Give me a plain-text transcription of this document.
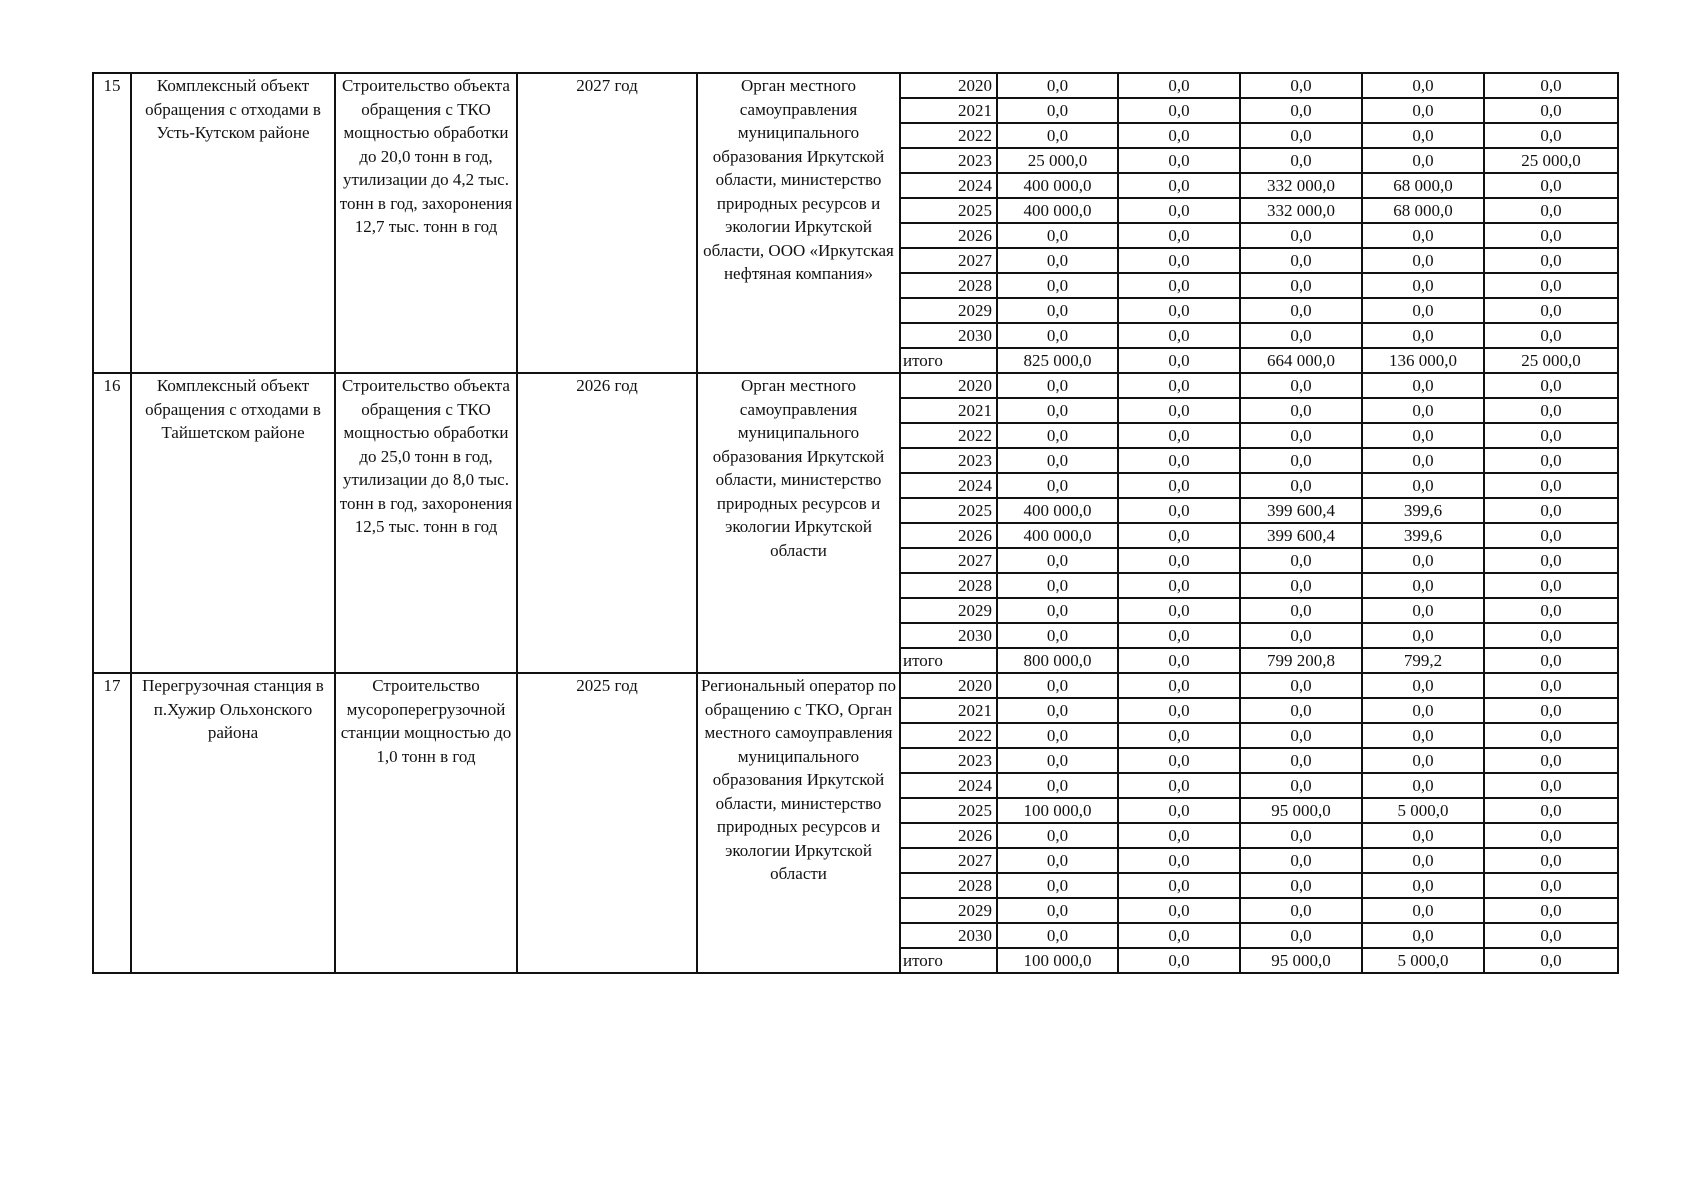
15	Комплексный объект обращения с отходами в Усть-Кутском районе	Строительство объекта обращения с ТКО мощностью обработки до 20,0 тонн в год, утилизации до 4,2 тыс. тонн в год, захоронения 12,7 тыс. тонн в год	2027 год	Орган местного самоуправления муниципального образования Иркутской области, министерство природных ресурсов и экологии Иркутской области, ООО «Иркутская нефтяная компания»	2020	0,0	0,0	0,0	0,0	0,0
					2021	0,0	0,0	0,0	0,0	0,0
					2022	0,0	0,0	0,0	0,0	0,0
					2023	25 000,0	0,0	0,0	0,0	25 000,0
					2024	400 000,0	0,0	332 000,0	68 000,0	0,0
					2025	400 000,0	0,0	332 000,0	68 000,0	0,0
					2026	0,0	0,0	0,0	0,0	0,0
					2027	0,0	0,0	0,0	0,0	0,0
					2028	0,0	0,0	0,0	0,0	0,0
					2029	0,0	0,0	0,0	0,0	0,0
					2030	0,0	0,0	0,0	0,0	0,0
					итого	825 000,0	0,0	664 000,0	136 000,0	25 000,0
16	Комплексный объект обращения с отходами в Тайшетском районе	Строительство объекта обращения с ТКО мощностью обработки до 25,0 тонн в год, утилизации до 8,0 тыс. тонн в год, захоронения 12,5 тыс. тонн в год	2026 год	Орган местного самоуправления муниципального образования Иркутской области, министерство природных ресурсов и экологии Иркутской области	2020	0,0	0,0	0,0	0,0	0,0
					2021	0,0	0,0	0,0	0,0	0,0
					2022	0,0	0,0	0,0	0,0	0,0
					2023	0,0	0,0	0,0	0,0	0,0
					2024	0,0	0,0	0,0	0,0	0,0
					2025	400 000,0	0,0	399 600,4	399,6	0,0
					2026	400 000,0	0,0	399 600,4	399,6	0,0
					2027	0,0	0,0	0,0	0,0	0,0
					2028	0,0	0,0	0,0	0,0	0,0
					2029	0,0	0,0	0,0	0,0	0,0
					2030	0,0	0,0	0,0	0,0	0,0
					итого	800 000,0	0,0	799 200,8	799,2	0,0
17	Перегрузочная станция в п.Хужир Ольхонского района	Строительство мусороперегрузочной станции мощностью до 1,0 тонн в год	2025 год	Региональный оператор по обращению с ТКО, Орган местного самоуправления муниципального образования Иркутской области, министерство природных ресурсов и экологии Иркутской области	2020	0,0	0,0	0,0	0,0	0,0
					2021	0,0	0,0	0,0	0,0	0,0
					2022	0,0	0,0	0,0	0,0	0,0
					2023	0,0	0,0	0,0	0,0	0,0
					2024	0,0	0,0	0,0	0,0	0,0
					2025	100 000,0	0,0	95 000,0	5 000,0	0,0
					2026	0,0	0,0	0,0	0,0	0,0
					2027	0,0	0,0	0,0	0,0	0,0
					2028	0,0	0,0	0,0	0,0	0,0
					2029	0,0	0,0	0,0	0,0	0,0
					2030	0,0	0,0	0,0	0,0	0,0
					итого	100 000,0	0,0	95 000,0	5 000,0	0,0
